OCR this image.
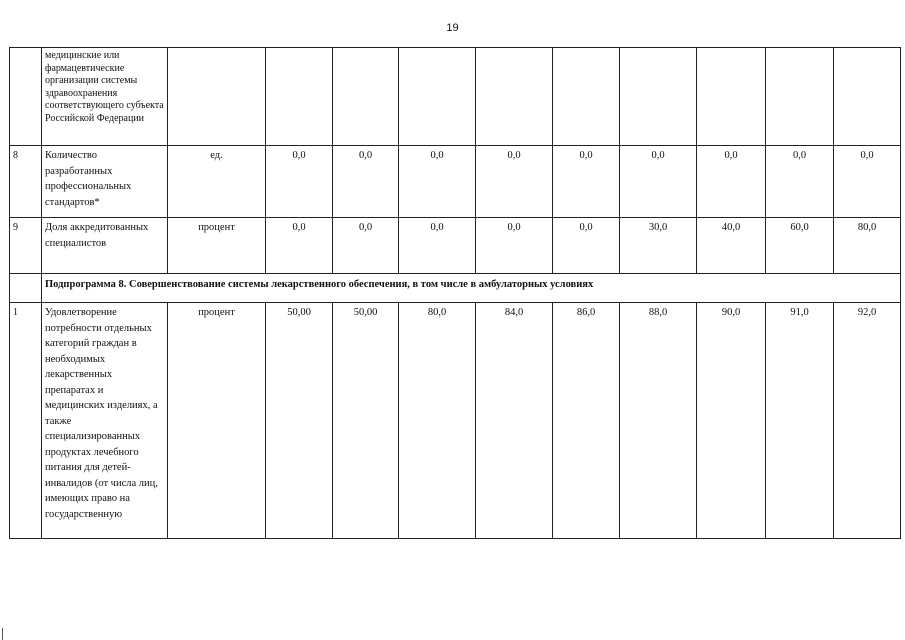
19
	медицинские или фармацевтические организации системы здравоохранения соответствующего субъекта Российской Федерации										
8	Количество разработанных профессиональных стандартов*	ед.	0,0	0,0	0,0	0,0	0,0	0,0	0,0	0,0	0,0
9	Доля аккредитованных специалистов	процент	0,0	0,0	0,0	0,0	0,0	30,0	40,0	60,0	80,0
	Подпрограмма 8. Совершенствование системы лекарственного обеспечения, в том числе в амбулаторных условиях										
1	Удовлетворение потребности отдельных категорий граждан в необходимых лекарственных препаратах и медицинских изделиях, а также специализированных продуктах лечебного питания для детей-инвалидов (от числа лиц, имеющих право на государственную	процент	50,00	50,00	80,0	84,0	86,0	88,0	90,0	91,0	92,0
